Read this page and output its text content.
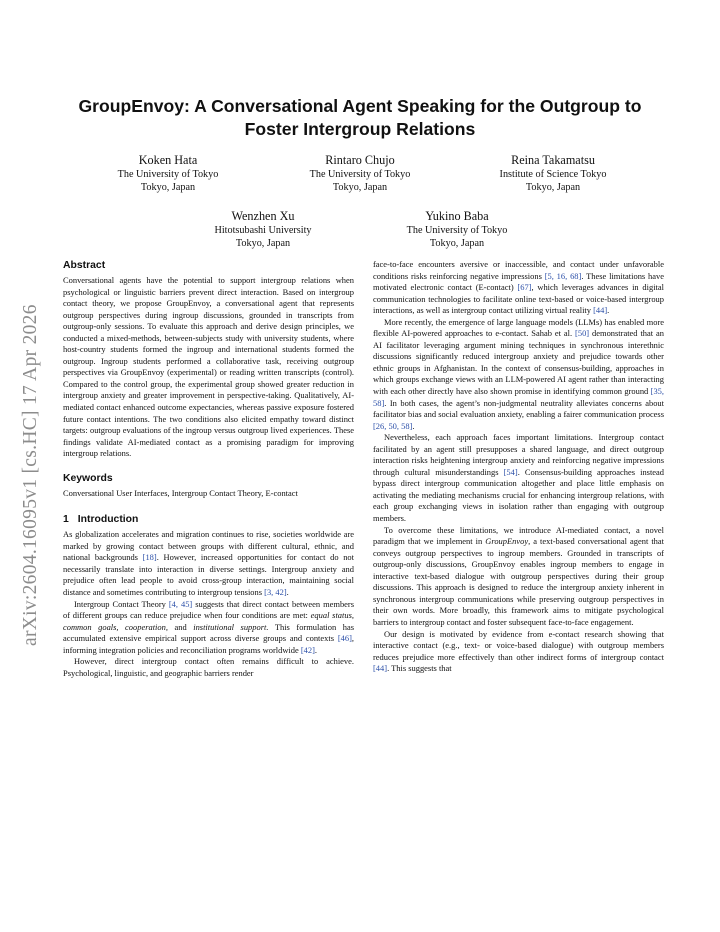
arXiv:2604.16095v1 [cs.HC] 17 Apr 2026
GroupEnvoy: A Conversational Agent Speaking for the Outgroup to Foster Intergroup Relations
Koken Hata
The University of Tokyo
Tokyo, Japan
Rintaro Chujo
The University of Tokyo
Tokyo, Japan
Reina Takamatsu
Institute of Science Tokyo
Tokyo, Japan
Wenzhen Xu
Hitotsubashi University
Tokyo, Japan
Yukino Baba
The University of Tokyo
Tokyo, Japan
Abstract

Conversational agents have the potential to support intergroup relations when psychological or linguistic barriers prevent direct interaction. Based on intergroup contact theory, we propose GroupEnvoy, a conversational agent that represents outgroup perspectives during ingroup discussions, grounded in transcripts from outgroup-only sessions. To evaluate this approach and derive design principles, we conducted a mixed-methods, between-subjects study with university students, where host-country students formed the ingroup and international students formed the outgroup. Ingroup students performed a collaborative task, receiving outgroup perspectives via GroupEnvoy (experimental) or reading written transcripts (control). Compared to the control group, the experimental group showed greater reduction in intergroup anxiety and greater improvement in perspective-taking. Qualitatively, AI-mediated contact enhanced outcome expectancies, whereas passive exposure fostered future contact intentions. The two conditions also elicited empathy toward distinct targets: outgroup evaluations of the ingroup versus outgroup lived experiences. These findings validate AI-mediated contact as a promising paradigm for improving intergroup relations.

Keywords

Conversational User Interfaces, Intergroup Contact Theory, E-contact

1 Introduction

As globalization accelerates and migration continues to rise, societies worldwide are marked by growing contact between groups with different cultural, ethnic, and national backgrounds [18]. However, increased opportunities for contact do not necessarily translate into interaction in diverse settings. Intergroup anxiety and prejudice often lead people to avoid cross-group interaction, maintaining social distance and sometimes contributing to intergroup tensions [3, 42].

Intergroup Contact Theory [4, 45] suggests that direct contact between members of different groups can reduce prejudice when four conditions are met: equal status, common goals, cooperation, and institutional support. This formulation has accumulated extensive empirical support across diverse groups and contexts [46], informing integration policies and reconciliation programs worldwide [42].

However, direct intergroup contact often remains difficult to achieve. Psychological, linguistic, and geographic barriers render

face-to-face encounters aversive or inaccessible, and contact under unfavorable conditions risks reinforcing negative impressions [5, 16, 68]. These limitations have motivated electronic contact (E-contact) [67], which leverages advances in digital communication technologies to facilitate online text-based or voice-based intergroup interactions, as well as intergroup contact utilizing virtual reality [44].

More recently, the emergence of large language models (LLMs) has enabled more flexible AI-powered approaches to e-contact. Sahab et al. [50] demonstrated that an AI facilitator leveraging argument mining techniques in synchronous interethnic discussions significantly reduced intergroup anxiety and prejudice towards other ethnic groups in Afghanistan. In the context of consensus-building, approaches in which groups exchange views with an LLM-powered AI agent rather than interacting with each other directly have also shown promise in identifying common ground [35, 58]. In both cases, the agent’s non-judgmental neutrality alleviates concerns about facilitator bias and social evaluation anxiety, enabling a fairer communication process [26, 50, 58].

Nevertheless, each approach faces important limitations. Intergroup contact facilitated by an agent still presupposes a shared language, and direct outgroup interaction risks heightening intergroup anxiety and reinforcing negative impressions through cultural misunderstandings [54]. Consensus-building approaches instead bypass direct intergroup communication altogether and place little emphasis on activating the mediating mechanisms crucial for enhancing intergroup relations, with each group exchanging views in isolation rather than engaging with outgroup members.

To overcome these limitations, we introduce AI-mediated contact, a novel paradigm that we implement in GroupEnvoy, a text-based conversational agent that conveys outgroup perspectives to ingroup members. Grounded in transcripts of outgroup-only discussions, GroupEnvoy enables ingroup members to engage in interactive text-based dialogue with outgroup perspectives during their group discussions. This approach is designed to reduce the intergroup anxiety inherent in synchronous intergroup communications while preserving outgroup perspectives in their own words. More broadly, this framework aims to mitigate psychological barriers to intergroup contact and foster subsequent face-to-face engagement.

Our design is motivated by evidence from e-contact research showing that interactive contact (e.g., text- or voice-based dialogue) with outgroup members reduces prejudice more effectively than other indirect forms of intergroup contact [44]. This suggests that
